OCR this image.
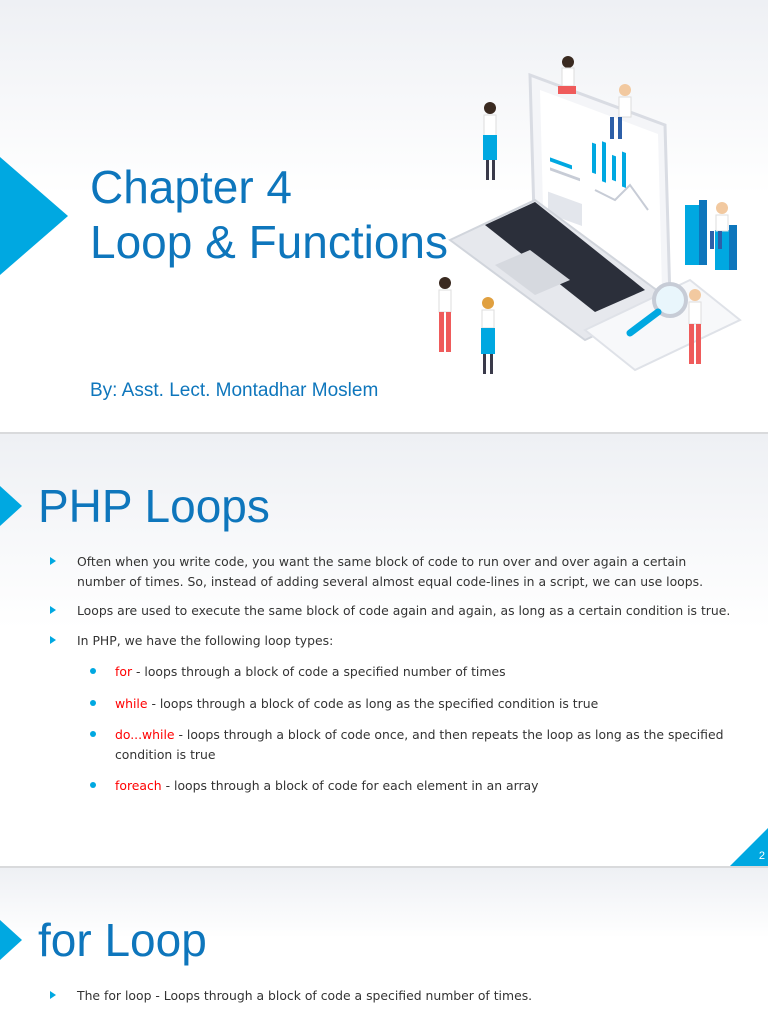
Chapter 4
Loop & Functions
By: Asst. Lect. Montadhar Moslem
PHP Loops
Often when you write code, you want the same block of code to run over and over again a certain number of times. So, instead of adding several almost equal code-lines in a script, we can use loops.
Loops are used to execute the same block of code again and again, as long as a certain condition is true.
In PHP, we have the following loop types:
for - loops through a block of code a specified number of times
while - loops through a block of code as long as the specified condition is true
do...while - loops through a block of code once, and then repeats the loop as long as the specified condition is true
foreach - loops through a block of code for each element in an array
2
for Loop
The for loop - Loops through a block of code a specified number of times.
